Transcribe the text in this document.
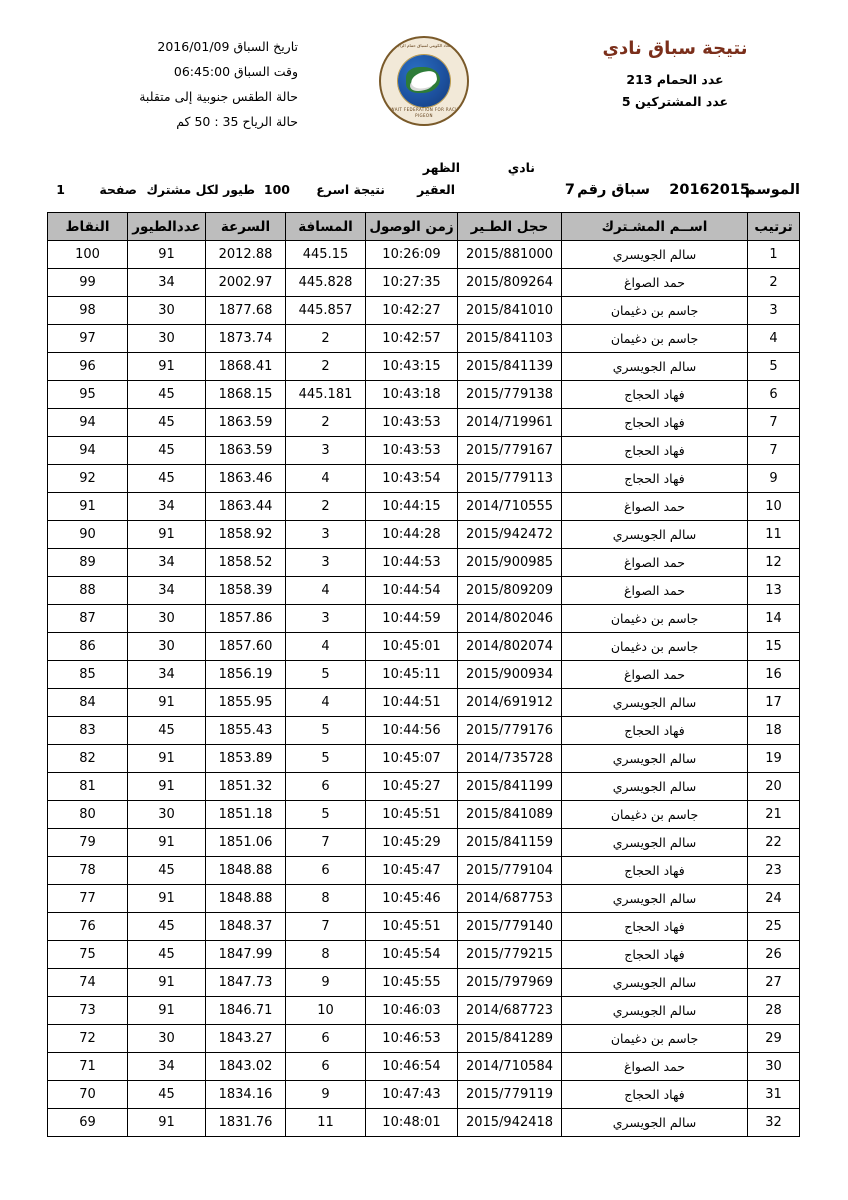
نتيجة سباق نادي
عدد الحمام 213
عدد المشتركين 5
الاتحاد الكويتي لسباق حمام الزاجل
KUWAIT FEDERATION FOR RACING PIGEON
تاريخ السباق 2016/01/09
وقت السباق 06:45:00
حالة الطقس جنوبية إلى متقلبة
حالة الرياح 35 : 50 كم
الموسم
20162015
سباق رقم
7
نادي
العقير
الظهر
نتيجة اسرع
100
طيور لكل مشترك
صفحة
1
ترتيب	اســم المشـترك	حجل الطـير	زمن الوصول	المسافة	السرعة	عددالطيور	النقاط
1	سالم الجويسري	2015/881000	10:26:09	445.15	2012.88	91	100
2	حمد الصواغ	2015/809264	10:27:35	445.828	2002.97	34	99
3	جاسم بن دغيمان	2015/841010	10:42:27	445.857	1877.68	30	98
4	جاسم بن دغيمان	2015/841103	10:42:57	2	1873.74	30	97
5	سالم الجويسري	2015/841139	10:43:15	2	1868.41	91	96
6	فهاد الحجاج	2015/779138	10:43:18	445.181	1868.15	45	95
7	فهاد الحجاج	2014/719961	10:43:53	2	1863.59	45	94
7	فهاد الحجاج	2015/779167	10:43:53	3	1863.59	45	94
9	فهاد الحجاج	2015/779113	10:43:54	4	1863.46	45	92
10	حمد الصواغ	2014/710555	10:44:15	2	1863.44	34	91
11	سالم الجويسري	2015/942472	10:44:28	3	1858.92	91	90
12	حمد الصواغ	2015/900985	10:44:53	3	1858.52	34	89
13	حمد الصواغ	2015/809209	10:44:54	4	1858.39	34	88
14	جاسم بن دغيمان	2014/802046	10:44:59	3	1857.86	30	87
15	جاسم بن دغيمان	2014/802074	10:45:01	4	1857.60	30	86
16	حمد الصواغ	2015/900934	10:45:11	5	1856.19	34	85
17	سالم الجويسري	2014/691912	10:44:51	4	1855.95	91	84
18	فهاد الحجاج	2015/779176	10:44:56	5	1855.43	45	83
19	سالم الجويسري	2014/735728	10:45:07	5	1853.89	91	82
20	سالم الجويسري	2015/841199	10:45:27	6	1851.32	91	81
21	جاسم بن دغيمان	2015/841089	10:45:51	5	1851.18	30	80
22	سالم الجويسري	2015/841159	10:45:29	7	1851.06	91	79
23	فهاد الحجاج	2015/779104	10:45:47	6	1848.88	45	78
24	سالم الجويسري	2014/687753	10:45:46	8	1848.88	91	77
25	فهاد الحجاج	2015/779140	10:45:51	7	1848.37	45	76
26	فهاد الحجاج	2015/779215	10:45:54	8	1847.99	45	75
27	سالم الجويسري	2015/797969	10:45:55	9	1847.73	91	74
28	سالم الجويسري	2014/687723	10:46:03	10	1846.71	91	73
29	جاسم بن دغيمان	2015/841289	10:46:53	6	1843.27	30	72
30	حمد الصواغ	2014/710584	10:46:54	6	1843.02	34	71
31	فهاد الحجاج	2015/779119	10:47:43	9	1834.16	45	70
32	سالم الجويسري	2015/942418	10:48:01	11	1831.76	91	69
